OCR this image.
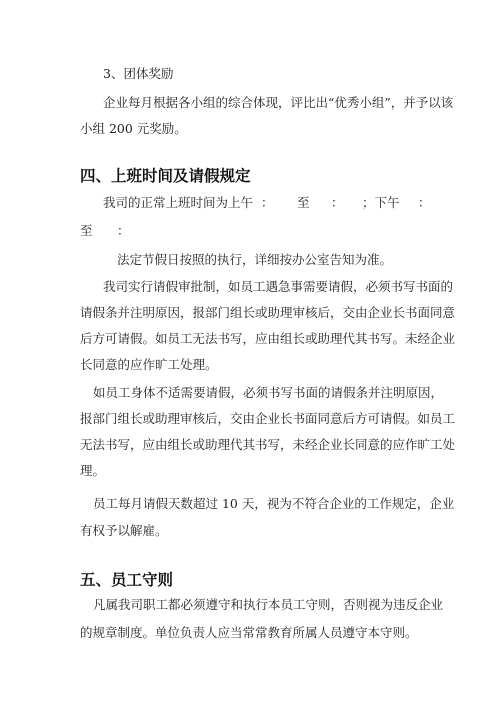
3、团体奖励
企业每月根据各小组的综合体现，评比出“优秀小组”，并予以该
小组 200 元奖励。
四、上班时间及请假规定
我司的正常上班时间为上午 ： 至 ： ；下午 ：
至 ：
法定节假日按照的执行，详细按办公室告知为准。
我司实行请假审批制，如员工遇急事需要请假，必须书写书面的
请假条并注明原因，报部门组长或助理审核后，交由企业长书面同意
后方可请假。如员工无法书写，应由组长或助理代其书写。未经企业
长同意的应作旷工处理。
如员工身体不适需要请假，必须书写书面的请假条并注明原因，
报部门组长或助理审核后，交由企业长书面同意后方可请假。如员工
无法书写，应由组长或助理代其书写，未经企业长同意的应作旷工处
理。
员工每月请假天数超过 10 天，视为不符合企业的工作规定，企业
有权予以解雇。
五、员工守则
凡属我司职工都必须遵守和执行本员工守则，否则视为违反企业
的规章制度。单位负责人应当常常教育所属人员遵守本守则。
